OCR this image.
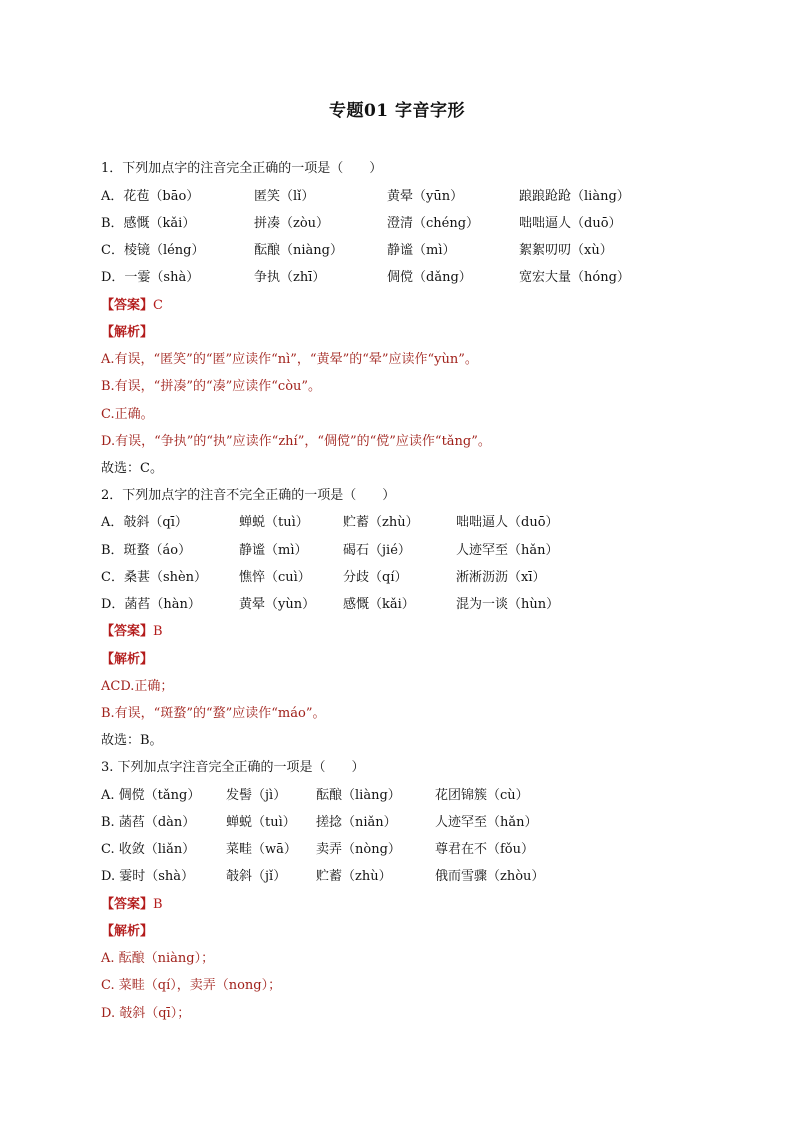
专题01 字音字形
1．下列加点字的注音完全正确的一项是（　　）
A．花苞（bāo）	匿笑（lǐ）	黄晕（yūn）	踉踉跄跄（liàng）
B．感慨（kǎi）	拼凑（zòu）	澄清（chéng）	咄咄逼人（duō）
C．棱镜（léng）	酝酿（niàng）	静谧（mì）	絮絮叨叨（xù）
D．一霎（shà）	争执（zhī）	倜傥（dǎng）	宽宏大量（hóng）
【答案】C
【解析】
A.有误，“匿笑”的“匿”应读作“nì”，“黄晕”的“晕”应读作“yùn”。
B.有误，“拼凑”的“凑”应读作“còu”。
C.正确。
D.有误，“争执”的“执”应读作“zhí”，“倜傥”的“傥”应读作“tǎng”。
故选：C。
2．下列加点字的注音不完全正确的一项是（　　）
A．攲斜（qī）	蝉蜕（tuì）	贮蓄（zhù）	咄咄逼人（duō）
B．斑蝥（áo）	静谧（mì）	碣石（jié）	人迹罕至（hǎn）
C．桑葚（shèn） 憔悴（cuì） 分歧（qí）	淅淅沥沥（xī）
D．菡萏（hàn）	黄晕（yùn） 感慨（kǎi）	混为一谈（hùn）
【答案】B
【解析】
ACD.正确；
B.有误，“斑蝥”的“蝥”应读作“máo”。
故选：B。
3. 下列加点字注音完全正确的一项是（　　）
A. 倜傥（tǎng） 发髻（jì） 酝酿（liàng）	花团锦簇（cù）
B. 菡萏（dàn） 蝉蜕（tuì） 搓捻（niǎn）	人迹罕至（hǎn）
C. 收敛（liǎn） 菜畦（wā） 卖弄（nòng）	尊君在不（fǒu）
D. 霎时（shà） 攲斜（jǐ） 贮蓄（zhù）	俄而雪骤（zhòu）
【答案】B
【解析】
A. 酝酿（niàng）；
C. 菜畦（qí），卖弄（nong）；
D. 攲斜（qī）；
